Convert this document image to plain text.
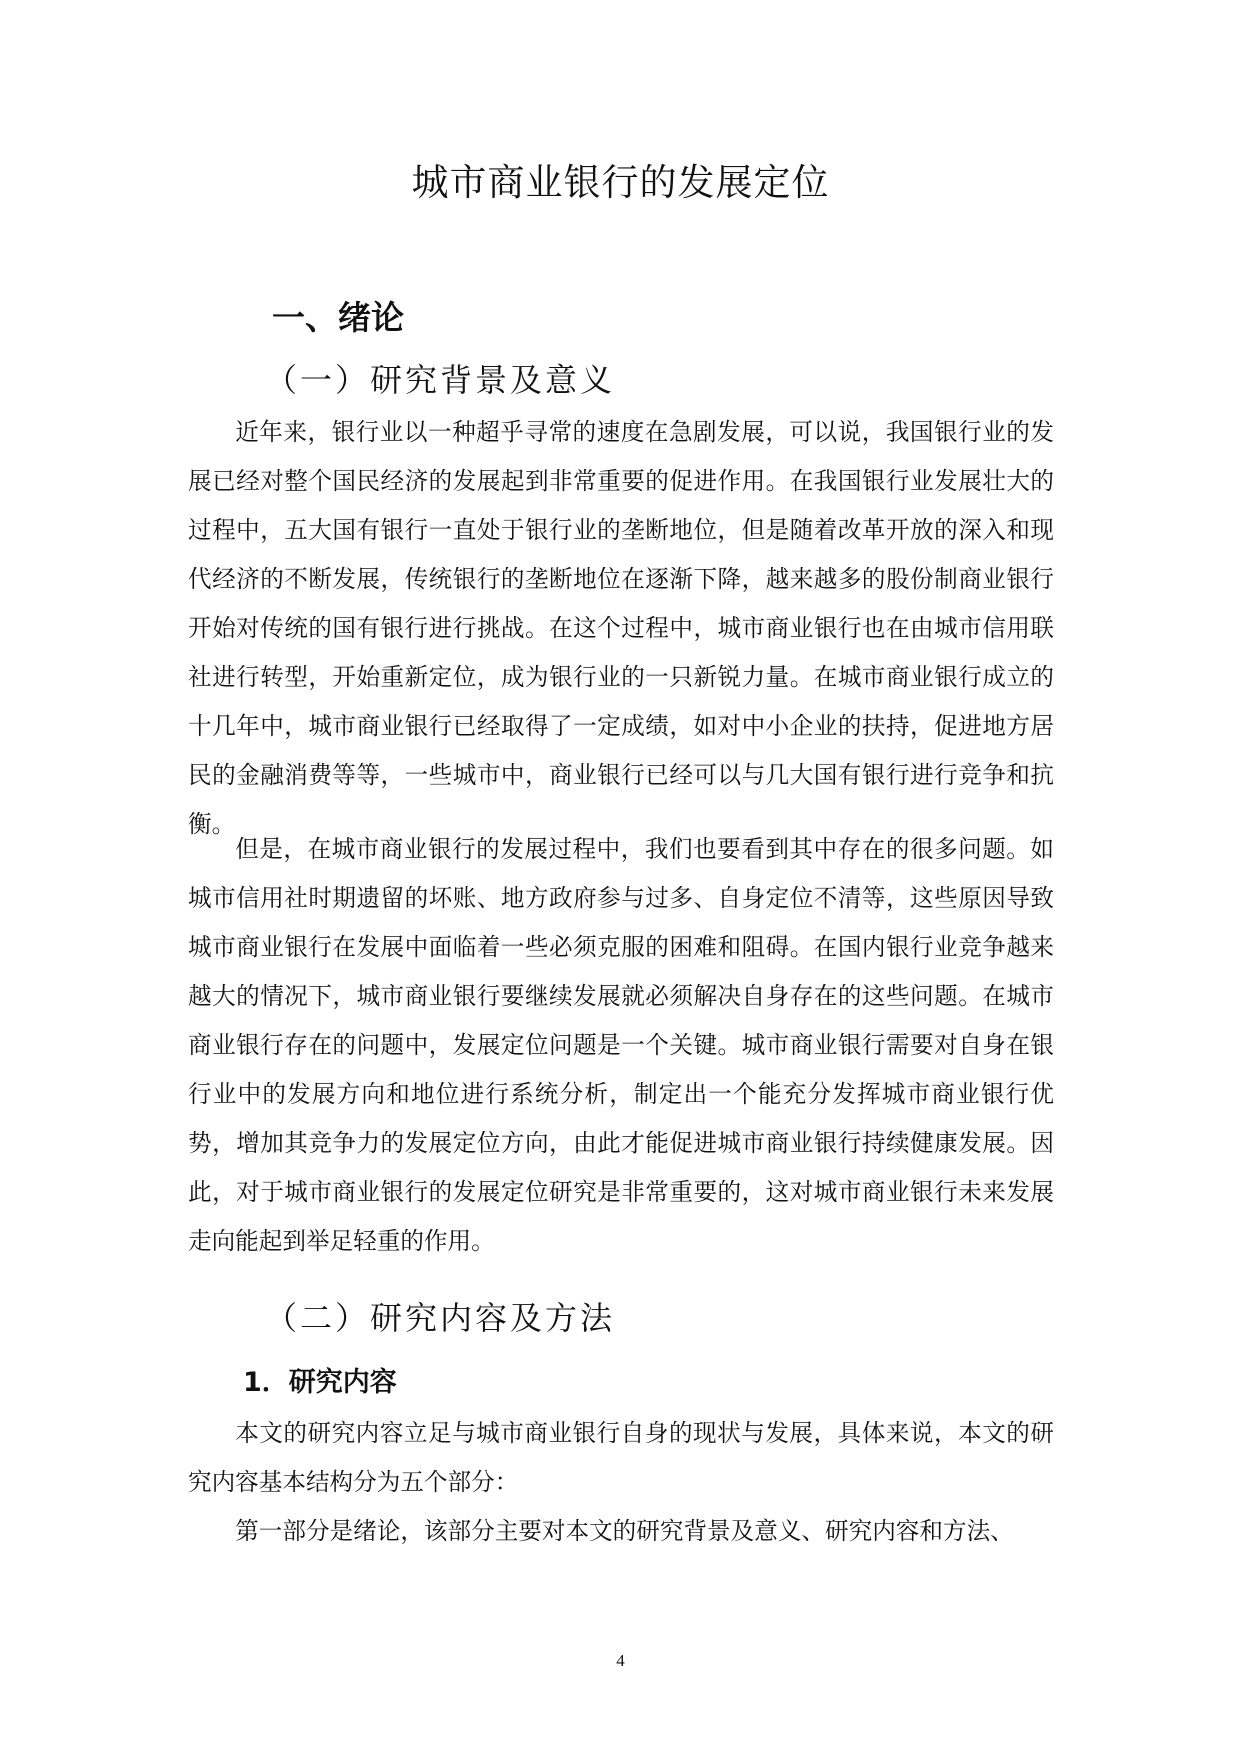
城市商业银行的发展定位
一、绪论
（一）研究背景及意义

近年来，银行业以一种超乎寻常的速度在急剧发展，可以说，我国银行业的发展已经对整个国民经济的发展起到非常重要的促进作用。在我国银行业发展壮大的过程中，五大国有银行一直处于银行业的垄断地位，但是随着改革开放的深入和现代经济的不断发展，传统银行的垄断地位在逐渐下降，越来越多的股份制商业银行开始对传统的国有银行进行挑战。在这个过程中，城市商业银行也在由城市信用联社进行转型，开始重新定位，成为银行业的一只新锐力量。在城市商业银行成立的十几年中，城市商业银行已经取得了一定成绩，如对中小企业的扶持，促进地方居民的金融消费等等，一些城市中，商业银行已经可以与几大国有银行进行竞争和抗衡。

但是，在城市商业银行的发展过程中，我们也要看到其中存在的很多问题。如城市信用社时期遗留的坏账、地方政府参与过多、自身定位不清等，这些原因导致城市商业银行在发展中面临着一些必须克服的困难和阻碍。在国内银行业竞争越来越大的情况下，城市商业银行要继续发展就必须解决自身存在的这些问题。在城市商业银行存在的问题中，发展定位问题是一个关键。城市商业银行需要对自身在银行业中的发展方向和地位进行系统分析，制定出一个能充分发挥城市商业银行优势，增加其竞争力的发展定位方向，由此才能促进城市商业银行持续健康发展。因此，对于城市商业银行的发展定位研究是非常重要的，这对城市商业银行未来发展走向能起到举足轻重的作用。

（二）研究内容及方法
1．研究内容

本文的研究内容立足与城市商业银行自身的现状与发展，具体来说，本文的研究内容基本结构分为五个部分：

第一部分是绪论，该部分主要对本文的研究背景及意义、研究内容和方法、

4
